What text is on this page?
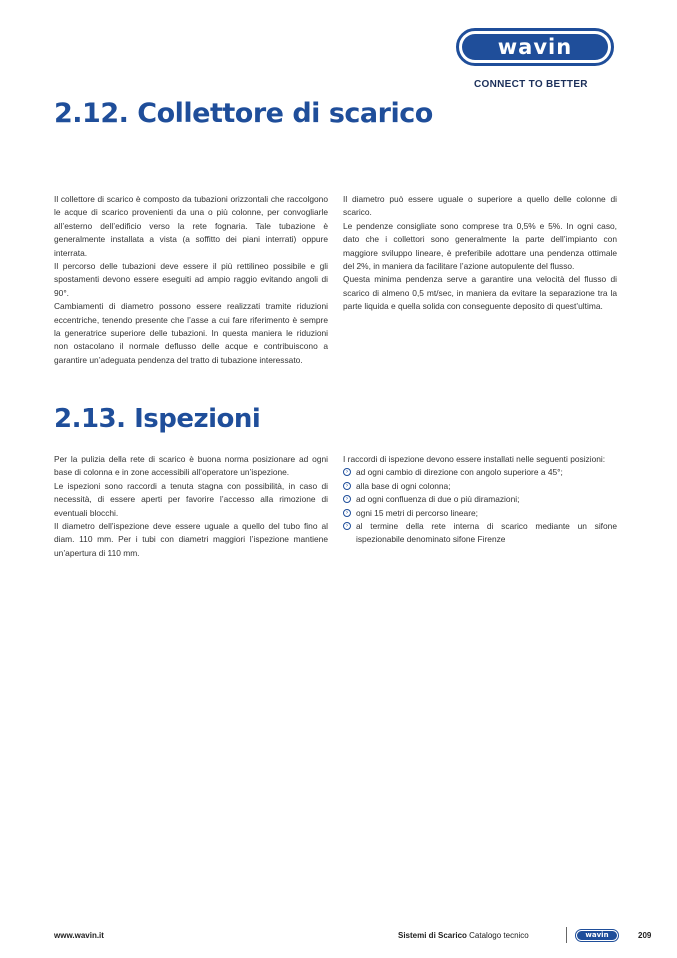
wavin
CONNECT TO BETTER
2.12. Collettore di scarico

Il collettore di scarico è composto da tubazioni orizzontali che raccolgono le acque di scarico provenienti da una o più colonne, per convogliarle all’esterno dell’edificio verso la rete fognaria. Tale tubazione è generalmente installata a vista (a soffitto dei piani interrati) oppure interrata.

Il percorso delle tubazioni deve essere il più rettilineo possibile e gli spostamenti devono essere eseguiti ad ampio raggio evitando angoli di 90°.

Cambiamenti di diametro possono essere realizzati tramite riduzioni eccentriche, tenendo presente che l’asse a cui fare riferimento è sempre la generatrice superiore delle tubazioni. In questa maniera le riduzioni non ostacolano il normale deflusso delle acque e contribuiscono a garantire un’adeguata pendenza del tratto di tubazione interessato.

Il diametro può essere uguale o superiore a quello delle colonne di scarico.

Le pendenze consigliate sono comprese tra 0,5% e 5%. In ogni caso, dato che i collettori sono generalmente la parte dell’impianto con maggiore sviluppo lineare, è preferibile adottare una pendenza ottimale del 2%, in maniera da facilitare l’azione autopulente del flusso.

Questa minima pendenza serve a garantire una velocità del flusso di scarico di almeno 0,5 mt/sec, in maniera da evitare la separazione tra la parte liquida e quella solida con conseguente deposito di quest’ultima.

2.13. Ispezioni

Per la pulizia della rete di scarico è buona norma posizionare ad ogni base di colonna e in zone accessibili all’operatore un’ispezione.

Le ispezioni sono raccordi a tenuta stagna con possibilità, in caso di necessità, di essere aperti per favorire l’accesso alla rimozione di eventuali blocchi.

Il diametro dell’ispezione deve essere uguale a quello del tubo fino al diam. 110 mm. Per i tubi con diametri maggiori l’ispezione mantiene un’apertura di 110 mm.

I raccordi di ispezione devono essere installati nelle seguenti posizioni:

› ad ogni cambio di direzione con angolo superiore a 45°;
› alla base di ogni colonna;
› ad ogni confluenza di due o più diramazioni;
› ogni 15 metri di percorso lineare;
› al termine della rete interna di scarico mediante un sifone ispezionabile denominato sifone Firenze
www.wavin.it	Sistemi di Scarico Catalogo tecnico	wavin	209
